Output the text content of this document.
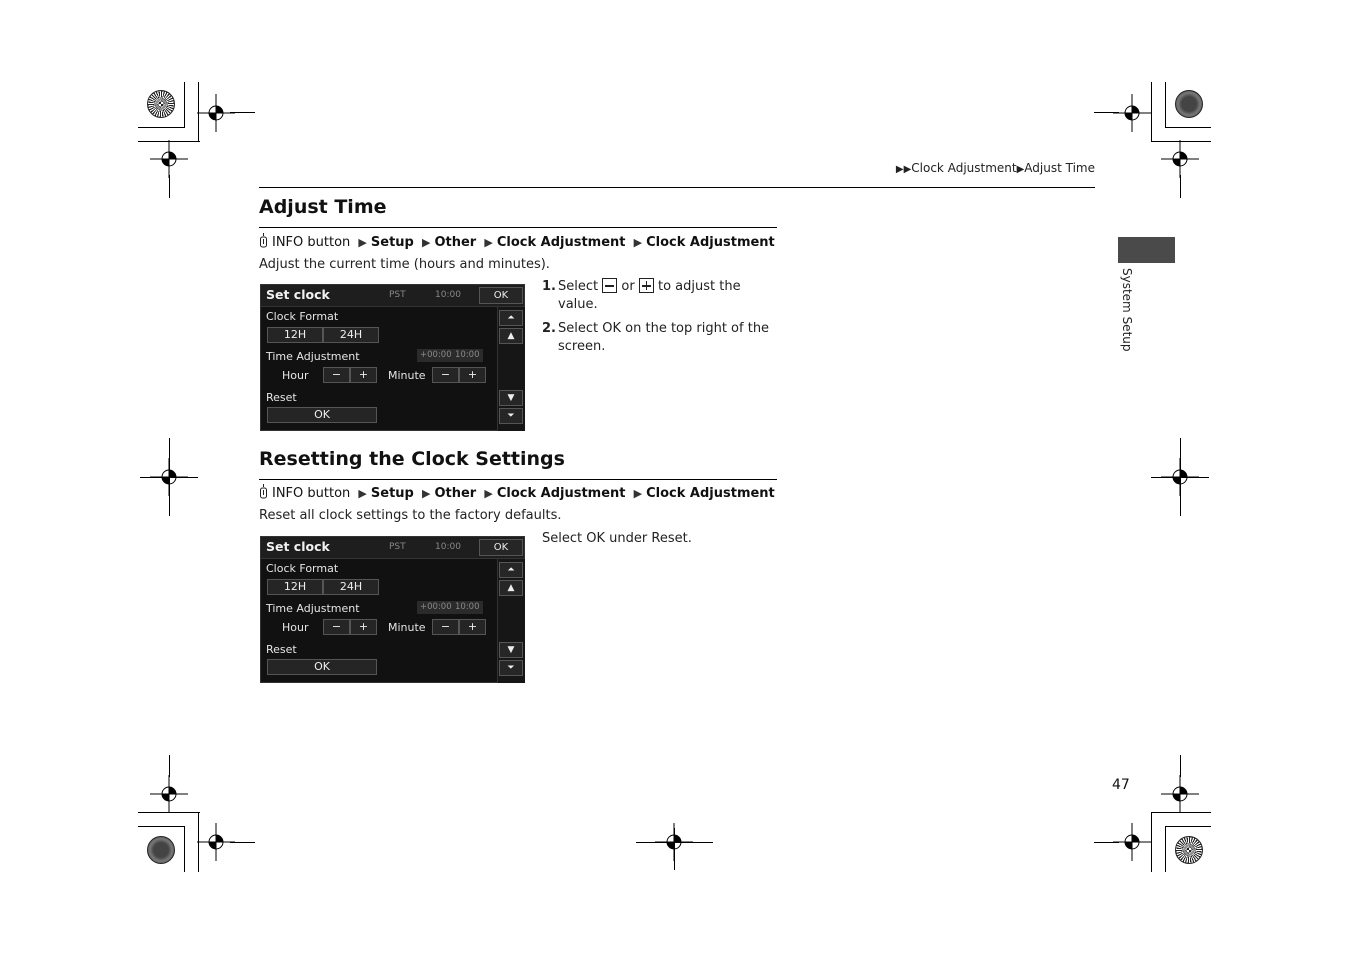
▶▶Clock Adjustment▶Adjust Time
Adjust Time
INFO button ▶ Setup ▶ Other ▶ Clock Adjustment ▶ Clock Adjustment
Adjust the current time (hours and minutes).
Set clock	PST	10:00	OK
Clock Format
12H	24H
Time Adjustment	+00:00 10:00
Hour	−	+	Minute	−	+
Reset
OK
⏶
▲
▼
⏷
1. Select or to adjust the value.
2. Select OK on the top right of the screen.
Resetting the Clock Settings
INFO button ▶ Setup ▶ Other ▶ Clock Adjustment ▶ Clock Adjustment
Reset all clock settings to the factory defaults.
Set clock	PST	10:00	OK
Clock Format
12H	24H
Time Adjustment	+00:00 10:00
Hour	−	+	Minute	−	+
Reset
OK
⏶
▲
▼
⏷
Select OK under Reset.
System Setup
47
